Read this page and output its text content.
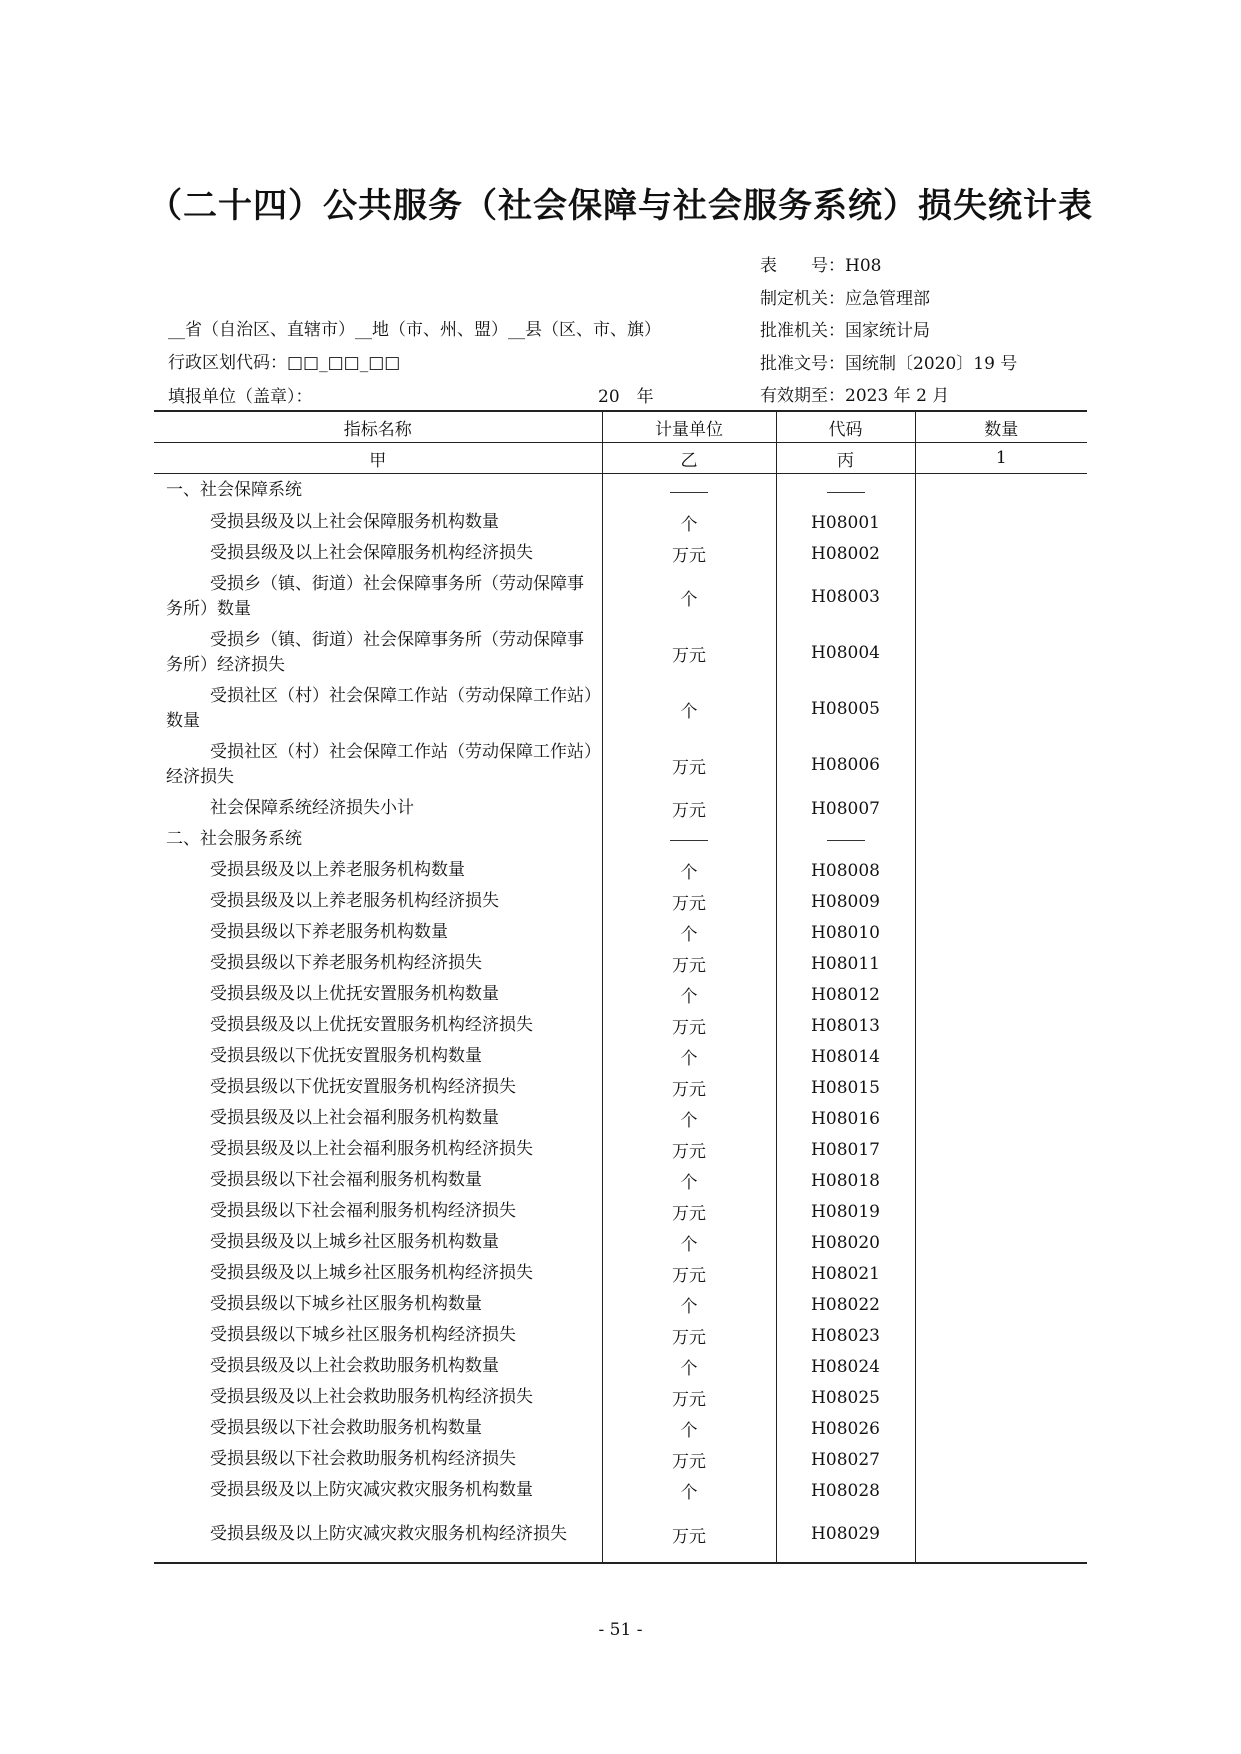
（二十四）公共服务（社会保障与社会服务系统）损失统计表
表　　号：H08
制定机关：应急管理部
批准机关：国家统计局
批准文号：国统制〔2020〕19 号
有效期至：2023 年 2 月
__省（自治区、直辖市）__地（市、州、盟）__县（区、市、旗）
行政区划代码：□□_□□_□□
填报单位（盖章）：	20　年
指标名称	计量单位	代码	数量
甲	乙	丙	1

一、社会保障系统			

受损县级及以上社会保障服务机构数量	个	H08001	

受损县级及以上社会保障服务机构经济损失	万元	H08002	

受损乡（镇、街道）社会保障事务所（劳动保障事务所）数量	个	H08003	

受损乡（镇、街道）社会保障事务所（劳动保障事务所）经济损失	万元	H08004	

受损社区（村）社会保障工作站（劳动保障工作站）数量	个	H08005	

受损社区（村）社会保障工作站（劳动保障工作站）经济损失	万元	H08006	

社会保障系统经济损失小计	万元	H08007	

二、社会服务系统			

受损县级及以上养老服务机构数量	个	H08008	

受损县级及以上养老服务机构经济损失	万元	H08009	

受损县级以下养老服务机构数量	个	H08010	

受损县级以下养老服务机构经济损失	万元	H08011	

受损县级及以上优抚安置服务机构数量	个	H08012	

受损县级及以上优抚安置服务机构经济损失	万元	H08013	

受损县级以下优抚安置服务机构数量	个	H08014	

受损县级以下优抚安置服务机构经济损失	万元	H08015	

受损县级及以上社会福利服务机构数量	个	H08016	

受损县级及以上社会福利服务机构经济损失	万元	H08017	

受损县级以下社会福利服务机构数量	个	H08018	

受损县级以下社会福利服务机构经济损失	万元	H08019	

受损县级及以上城乡社区服务机构数量	个	H08020	

受损县级及以上城乡社区服务机构经济损失	万元	H08021	

受损县级以下城乡社区服务机构数量	个	H08022	

受损县级以下城乡社区服务机构经济损失	万元	H08023	

受损县级及以上社会救助服务机构数量	个	H08024	

受损县级及以上社会救助服务机构经济损失	万元	H08025	

受损县级以下社会救助服务机构数量	个	H08026	

受损县级以下社会救助服务机构经济损失	万元	H08027	

受损县级及以上防灾减灾救灾服务机构数量	个	H08028	

受损县级及以上防灾减灾救灾服务机构经济损失	万元	H08029	
- 51 -
